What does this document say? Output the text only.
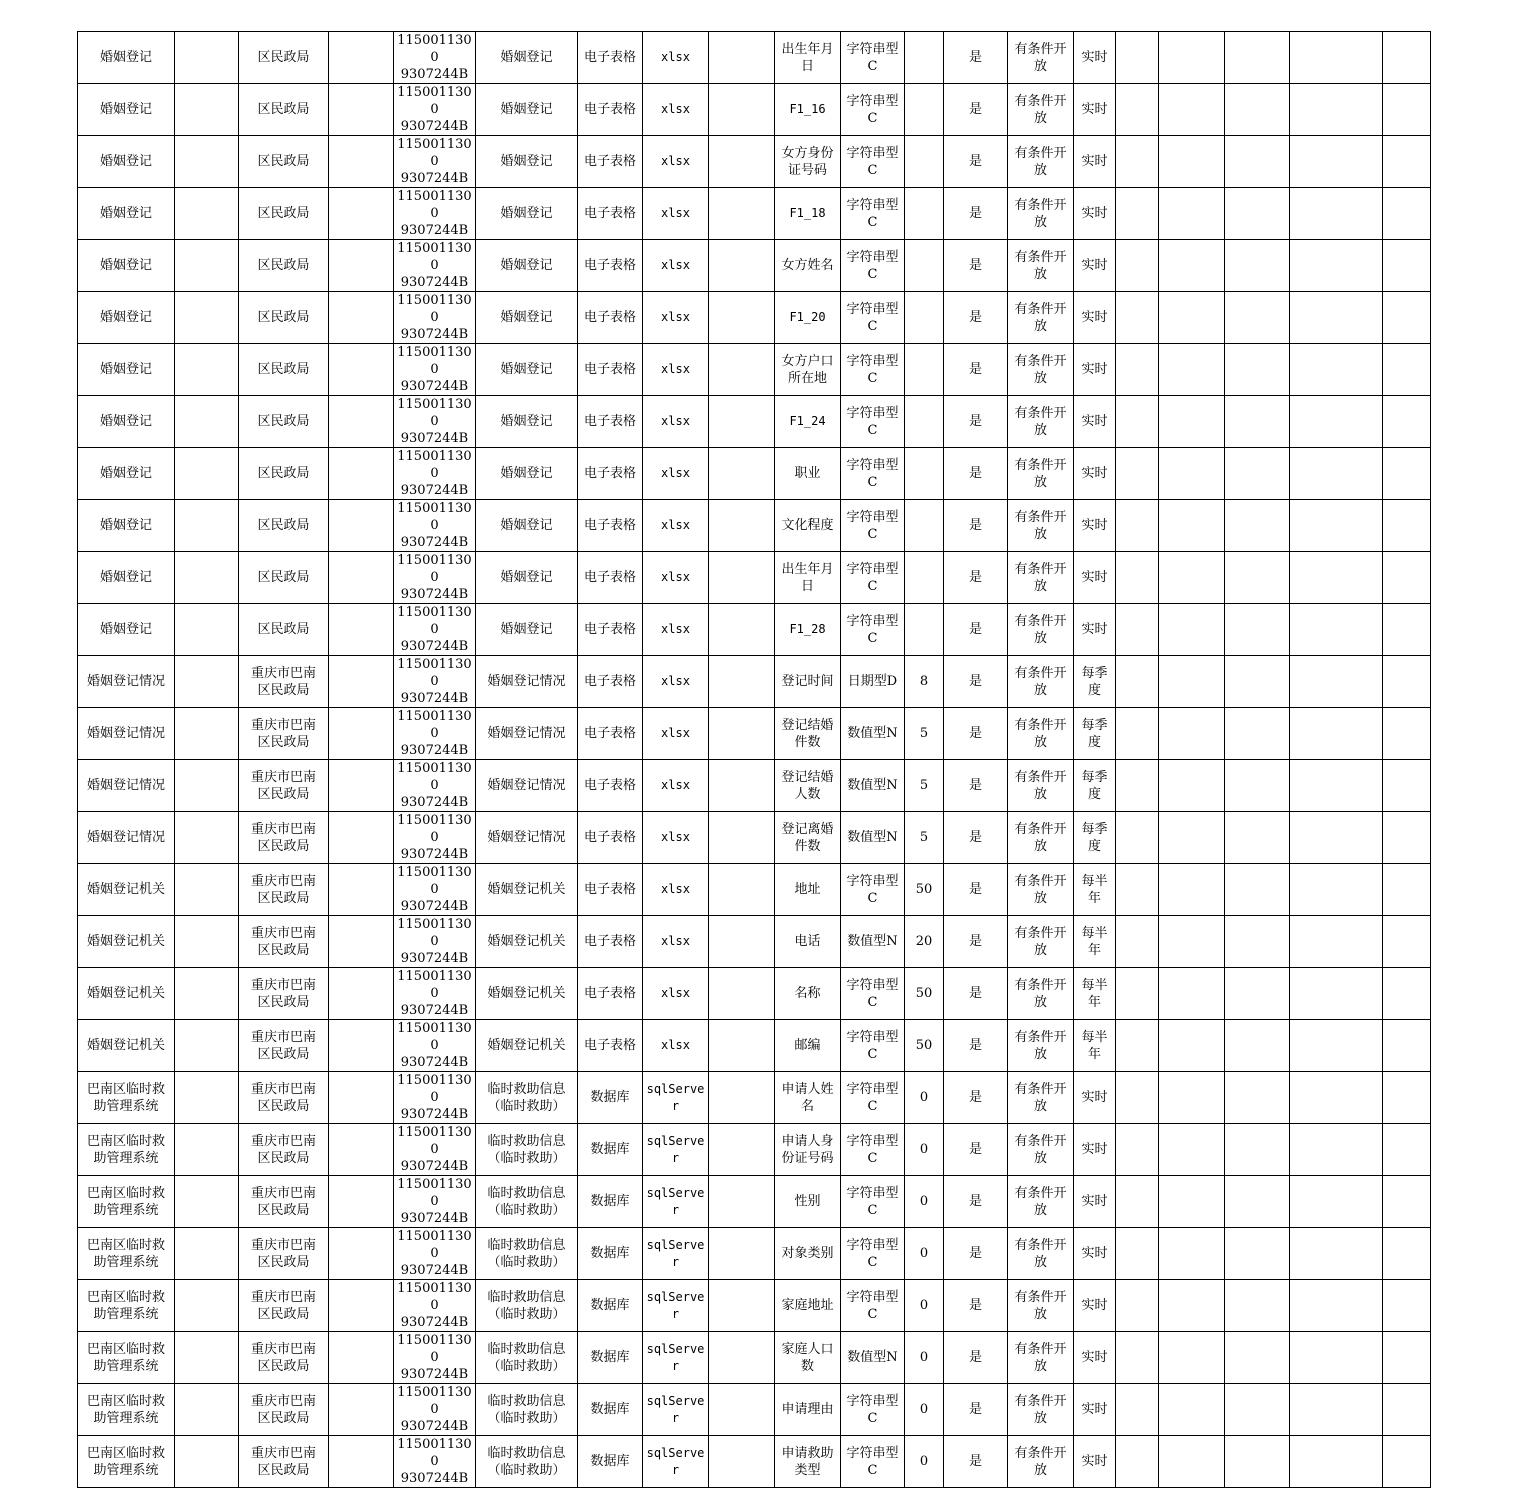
婚姻登记		区民政局		1150011300
9307244B	婚姻登记	电子表格	xlsx		出生年月
日	字符串型
C		是	有条件开
放	实时					
婚姻登记		区民政局		1150011300
9307244B	婚姻登记	电子表格	xlsx		F1_16	字符串型
C		是	有条件开
放	实时					
婚姻登记		区民政局		1150011300
9307244B	婚姻登记	电子表格	xlsx		女方身份
证号码	字符串型
C		是	有条件开
放	实时					
婚姻登记		区民政局		1150011300
9307244B	婚姻登记	电子表格	xlsx		F1_18	字符串型
C		是	有条件开
放	实时					
婚姻登记		区民政局		1150011300
9307244B	婚姻登记	电子表格	xlsx		女方姓名	字符串型
C		是	有条件开
放	实时					
婚姻登记		区民政局		1150011300
9307244B	婚姻登记	电子表格	xlsx		F1_20	字符串型
C		是	有条件开
放	实时					
婚姻登记		区民政局		1150011300
9307244B	婚姻登记	电子表格	xlsx		女方户口
所在地	字符串型
C		是	有条件开
放	实时					
婚姻登记		区民政局		1150011300
9307244B	婚姻登记	电子表格	xlsx		F1_24	字符串型
C		是	有条件开
放	实时					
婚姻登记		区民政局		1150011300
9307244B	婚姻登记	电子表格	xlsx		职业	字符串型
C		是	有条件开
放	实时					
婚姻登记		区民政局		1150011300
9307244B	婚姻登记	电子表格	xlsx		文化程度	字符串型
C		是	有条件开
放	实时					
婚姻登记		区民政局		1150011300
9307244B	婚姻登记	电子表格	xlsx		出生年月
日	字符串型
C		是	有条件开
放	实时					
婚姻登记		区民政局		1150011300
9307244B	婚姻登记	电子表格	xlsx		F1_28	字符串型
C		是	有条件开
放	实时					
婚姻登记情况		重庆市巴南
区民政局		1150011300
9307244B	婚姻登记情况	电子表格	xlsx		登记时间	日期型D	8	是	有条件开
放	每季
度					
婚姻登记情况		重庆市巴南
区民政局		1150011300
9307244B	婚姻登记情况	电子表格	xlsx		登记结婚
件数	数值型N	5	是	有条件开
放	每季
度					
婚姻登记情况		重庆市巴南
区民政局		1150011300
9307244B	婚姻登记情况	电子表格	xlsx		登记结婚
人数	数值型N	5	是	有条件开
放	每季
度					
婚姻登记情况		重庆市巴南
区民政局		1150011300
9307244B	婚姻登记情况	电子表格	xlsx		登记离婚
件数	数值型N	5	是	有条件开
放	每季
度					
婚姻登记机关		重庆市巴南
区民政局		1150011300
9307244B	婚姻登记机关	电子表格	xlsx		地址	字符串型
C	50	是	有条件开
放	每半
年					
婚姻登记机关		重庆市巴南
区民政局		1150011300
9307244B	婚姻登记机关	电子表格	xlsx		电话	数值型N	20	是	有条件开
放	每半
年					
婚姻登记机关		重庆市巴南
区民政局		1150011300
9307244B	婚姻登记机关	电子表格	xlsx		名称	字符串型
C	50	是	有条件开
放	每半
年					
婚姻登记机关		重庆市巴南
区民政局		1150011300
9307244B	婚姻登记机关	电子表格	xlsx		邮编	字符串型
C	50	是	有条件开
放	每半
年					
巴南区临时救
助管理系统		重庆市巴南
区民政局		1150011300
9307244B	临时救助信息
（临时救助）	数据库	sqlServe
r		申请人姓
名	字符串型
C	0	是	有条件开
放	实时					
巴南区临时救
助管理系统		重庆市巴南
区民政局		1150011300
9307244B	临时救助信息
（临时救助）	数据库	sqlServe
r		申请人身
份证号码	字符串型
C	0	是	有条件开
放	实时					
巴南区临时救
助管理系统		重庆市巴南
区民政局		1150011300
9307244B	临时救助信息
（临时救助）	数据库	sqlServe
r		性别	字符串型
C	0	是	有条件开
放	实时					
巴南区临时救
助管理系统		重庆市巴南
区民政局		1150011300
9307244B	临时救助信息
（临时救助）	数据库	sqlServe
r		对象类别	字符串型
C	0	是	有条件开
放	实时					
巴南区临时救
助管理系统		重庆市巴南
区民政局		1150011300
9307244B	临时救助信息
（临时救助）	数据库	sqlServe
r		家庭地址	字符串型
C	0	是	有条件开
放	实时					
巴南区临时救
助管理系统		重庆市巴南
区民政局		1150011300
9307244B	临时救助信息
（临时救助）	数据库	sqlServe
r		家庭人口
数	数值型N	0	是	有条件开
放	实时					
巴南区临时救
助管理系统		重庆市巴南
区民政局		1150011300
9307244B	临时救助信息
（临时救助）	数据库	sqlServe
r		申请理由	字符串型
C	0	是	有条件开
放	实时					
巴南区临时救
助管理系统		重庆市巴南
区民政局		1150011300
9307244B	临时救助信息
（临时救助）	数据库	sqlServe
r		申请救助
类型	字符串型
C	0	是	有条件开
放	实时					
